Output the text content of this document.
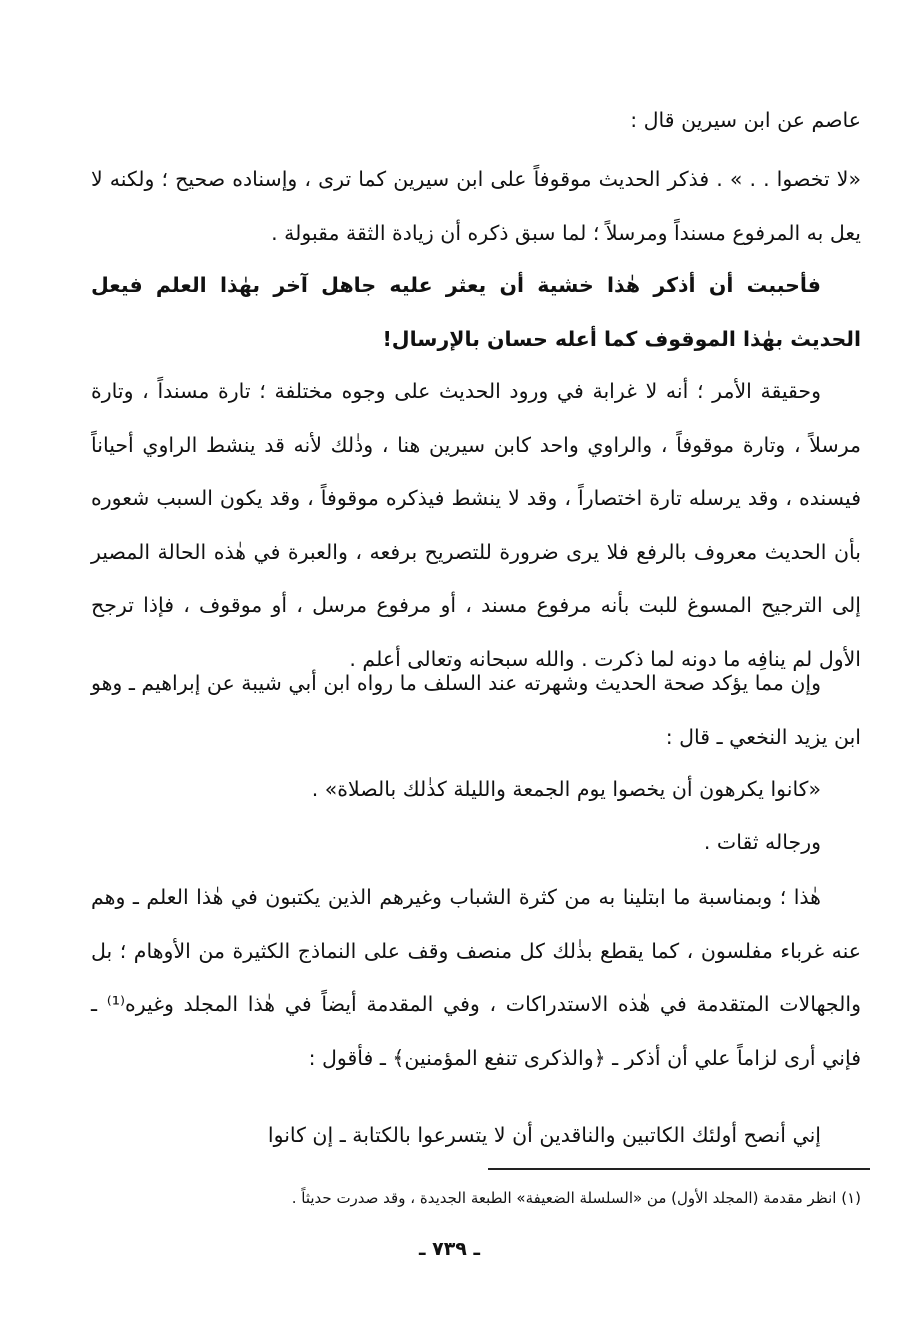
عاصم عن ابن سيرين قال :

«لا تخصوا . . » . فذكر الحديث موقوفاً على ابن سيرين كما ترى ، وإسناده صحيح ؛ ولكنه لا يعل به المرفوع مسنداً ومرسلاً ؛ لما سبق ذكره أن زيادة الثقة مقبولة .

فأحببت أن أذكر هٰذا خشية أن يعثر عليه جاهل آخر بهٰذا العلم فيعل الحديث بهٰذا الموقوف كما أعله حسان بالإرسال!

وحقيقة الأمر ؛ أنه لا غرابة في ورود الحديث على وجوه مختلفة ؛ تارة مسنداً ، وتارة مرسلاً ، وتارة موقوفاً ، والراوي واحد كابن سيرين هنا ، وذٰلك لأنه قد ينشط الراوي أحياناً فيسنده ، وقد يرسله تارة اختصاراً ، وقد لا ينشط فيذكره موقوفاً ، وقد يكون السبب شعوره بأن الحديث معروف بالرفع فلا يرى ضرورة للتصريح برفعه ، والعبرة في هٰذه الحالة المصير إلى الترجيح المسوغ للبت بأنه مرفوع مسند ، أو مرفوع مرسل ، أو موقوف ، فإذا ترجح الأول لم ينافِه ما دونه لما ذكرت . والله سبحانه وتعالى أعلم .

وإن مما يؤكد صحة الحديث وشهرته عند السلف ما رواه ابن أبي شيبة عن إبراهيم ـ وهو ابن يزيد النخعي ـ قال :

«كانوا يكرهون أن يخصوا يوم الجمعة والليلة كذٰلك بالصلاة» .

ورجاله ثقات .

هٰذا ؛ وبمناسبة ما ابتلينا به من كثرة الشباب وغيرهم الذين يكتبون في هٰذا العلم ـ وهم عنه غرباء مفلسون ، كما يقطع بذٰلك كل منصف وقف على النماذج الكثيرة من الأوهام ؛ بل والجهالات المتقدمة في هٰذه الاستدراكات ، وفي المقدمة أيضاً في هٰذا المجلد وغيره⁽¹⁾ ـ فإني أرى لزاماً علي أن أذكر ـ ﴿والذكرى تنفع المؤمنين﴾ ـ فأقول :

إني أنصح أولئك الكاتبين والناقدين أن لا يتسرعوا بالكتابة ـ إن كانوا

(١) انظر مقدمة (المجلد الأول) من «السلسلة الضعيفة» الطبعة الجديدة ، وقد صدرت حديثاً .
ـ ٧٣٩ ـ
